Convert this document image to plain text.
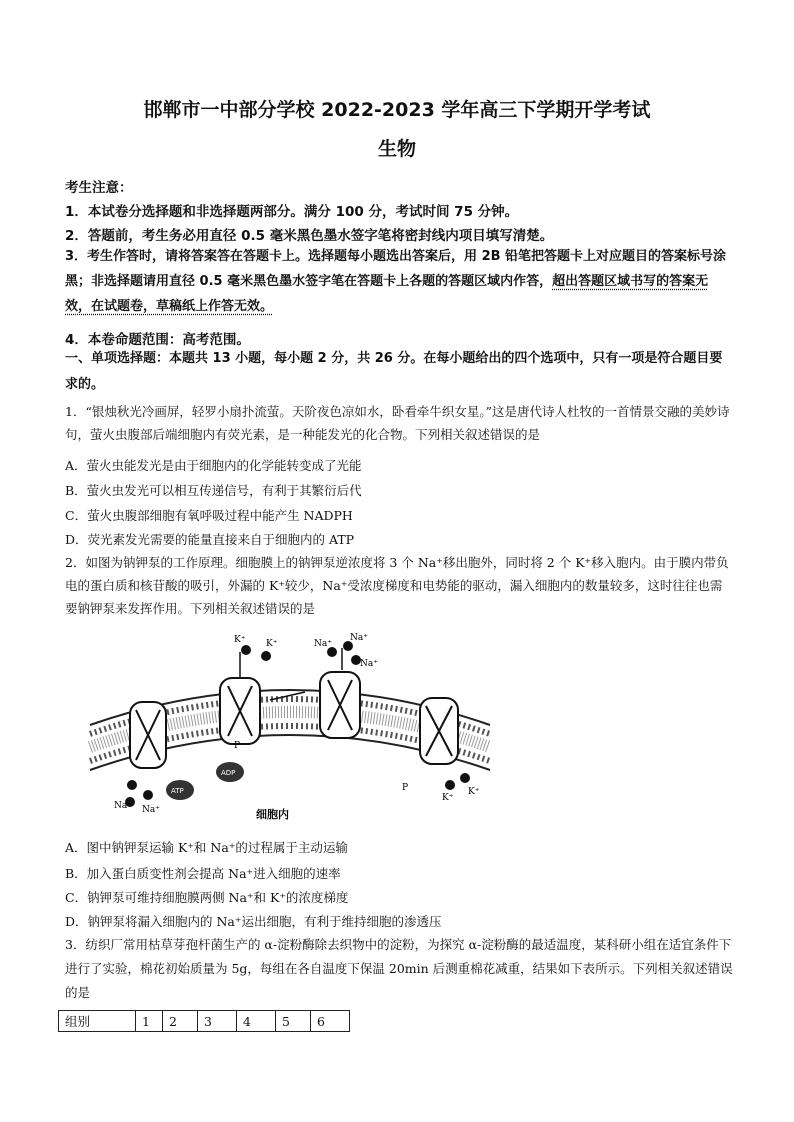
邯郸市一中部分学校 2022-2023 学年高三下学期开学考试
生物
考生注意：
1．本试卷分选择题和非选择题两部分。满分 100 分，考试时间 75 分钟。
2．答题前，考生务必用直径 0.5 毫米黑色墨水签字笔将密封线内项目填写清楚。
3．考生作答时，请将答案答在答题卡上。选择题每小题选出答案后，用 2B 铅笔把答题卡上对应题目的答案标号涂黑；非选择题请用直径 0.5 毫米黑色墨水签字笔在答题卡上各题的答题区域内作答，超出答题区域书写的答案无效，在试题卷，草稿纸上作答无效。
4．本卷命题范围：高考范围。
一、单项选择题：本题共 13 小题，每小题 2 分，共 26 分。在每小题给出的四个选项中，只有一项是符合题目要求的。
1．“银烛秋光冷画屏，轻罗小扇扑流萤。天阶夜色凉如水，卧看牵牛织女星。”这是唐代诗人杜牧的一首情景交融的美妙诗句，萤火虫腹部后端细胞内有荧光素，是一种能发光的化合物。下列相关叙述错误的是
A．萤火虫能发光是由于细胞内的化学能转变成了光能
B．萤火虫发光可以相互传递信号，有利于其繁衍后代
C．萤火虫腹部细胞有氧呼吸过程中能产生 NADPH
D．荧光素发光需要的能量直接来自于细胞内的 ATP
2．如图为钠钾泵的工作原理。细胞膜上的钠钾泵逆浓度将 3 个 Na⁺移出胞外，同时将 2 个 K⁺移入胞内。由于膜内带负电的蛋白质和核苷酸的吸引，外漏的 K⁺较少，Na⁺受浓度梯度和电势能的驱动，漏入细胞内的数量较多，这时往往也需要钠钾泵来发挥作用。下列相关叙述错误的是
K⁺ K⁺	Na⁺
Na⁺
Na⁺
Na⁺ Na⁺
ATP
ADP
P
P
K⁺
K⁺
细胞内
A．图中钠钾泵运输 K⁺和 Na⁺的过程属于主动运输
B．加入蛋白质变性剂会提高 Na⁺进入细胞的速率
C．钠钾泵可维持细胞膜两侧 Na⁺和 K⁺的浓度梯度
D．钠钾泵将漏入细胞内的 Na⁺运出细胞，有利于维持细胞的渗透压
3．纺织厂常用枯草芽孢杆菌生产的 α-淀粉酶除去织物中的淀粉，为探究 α-淀粉酶的最适温度，某科研小组在适宜条件下进行了实验，棉花初始质量为 5g，每组在各自温度下保温 20min 后测重棉花减重，结果如下表所示。下列相关叙述错误的是
组别	1	2	3	4	5	6
